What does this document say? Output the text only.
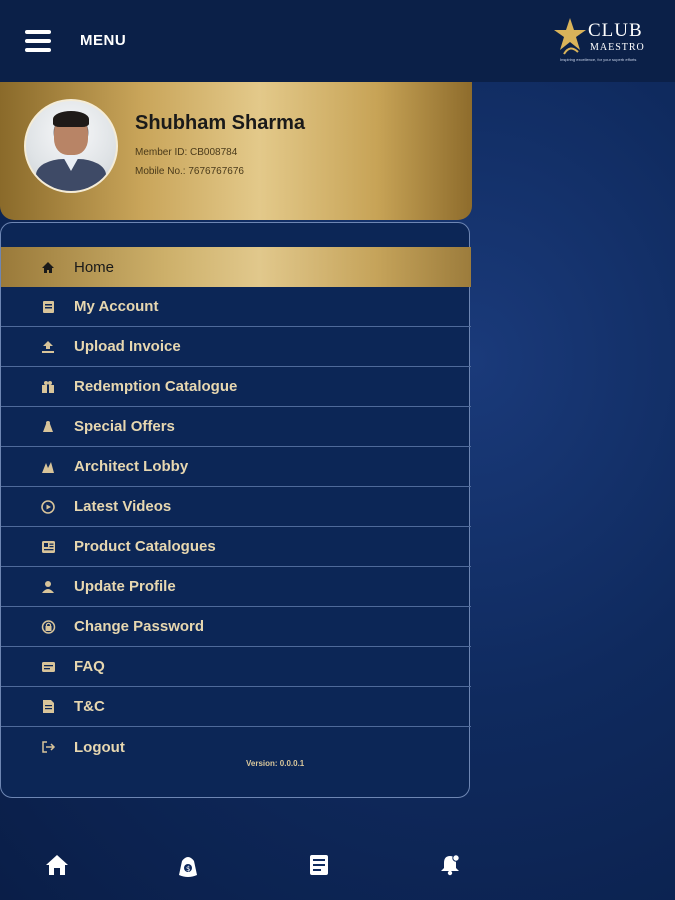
MENU	CLUB
MAESTRO
Inspiring excellence, for your superb efforts
Shubham Sharma
Member ID: CB008784
Mobile No.: 7676767676
Home
My Account
Upload Invoice
Redemption Catalogue
Special Offers
Architect Lobby
Latest Videos
Product Catalogues
Update Profile
Change Password
FAQ
T&C
Logout
Version: 0.0.0.1
$
